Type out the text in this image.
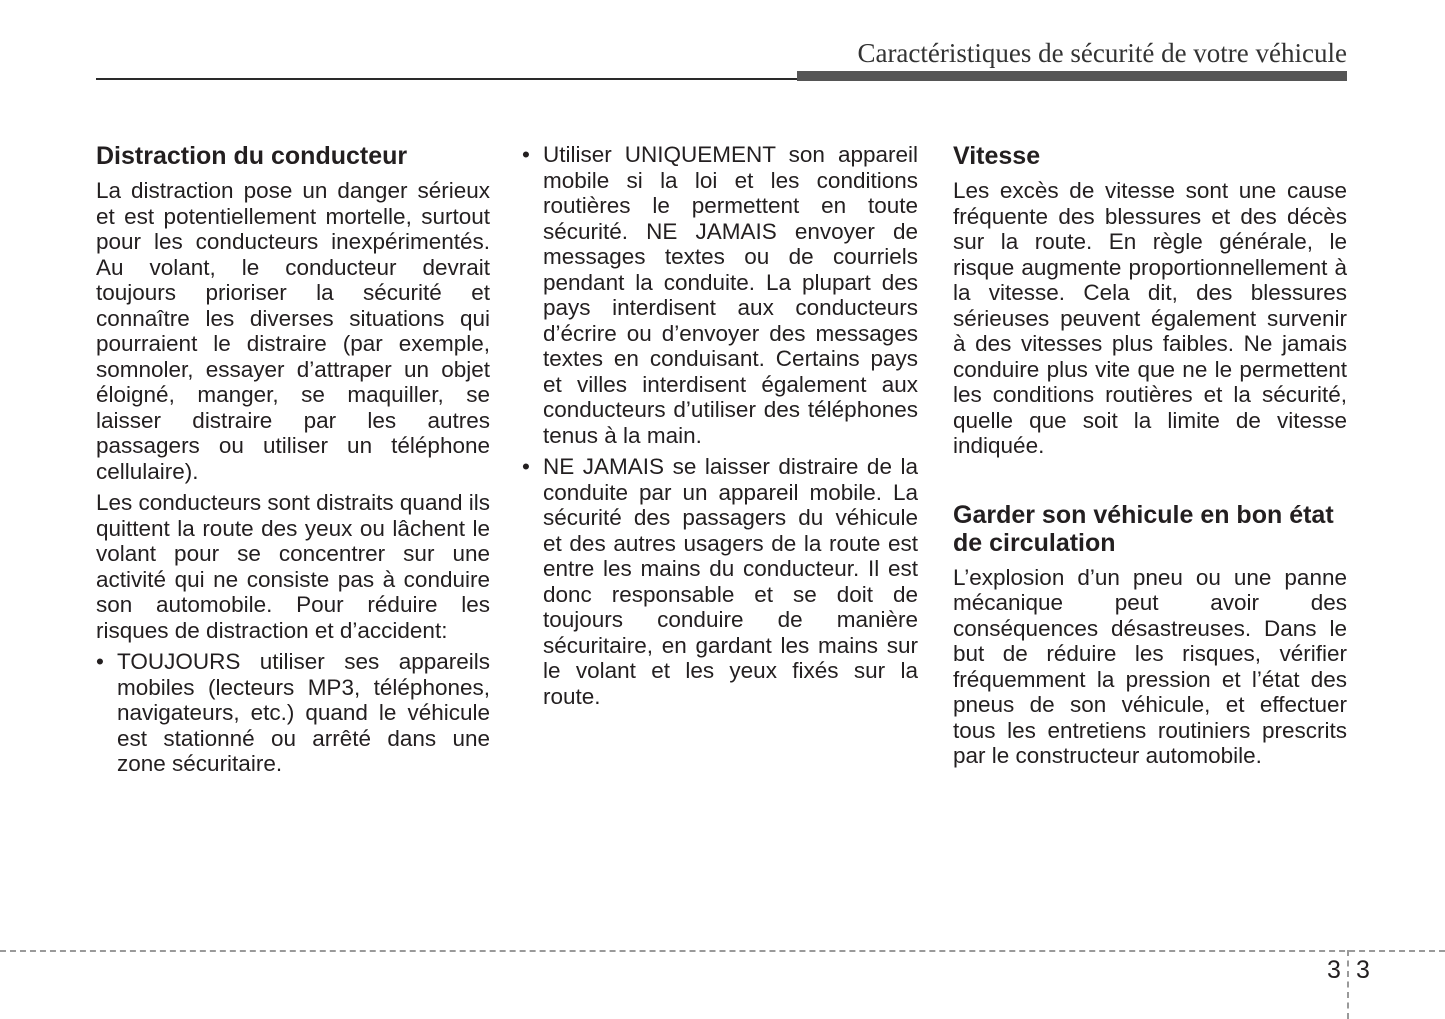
Caractéristiques de sécurité de votre véhicule
Distraction du conducteur

La distraction pose un danger sérieux et est potentiellement mortelle, surtout pour les conducteurs inexpérimentés. Au volant, le conducteur devrait toujours prioriser la sécurité et connaître les diverses situations qui pourraient le distraire (par exemple, somnoler, essayer d’attraper un objet éloigné, manger, se maquiller, se laisser distraire par les autres passagers ou utiliser un téléphone cellulaire).

Les conducteurs sont distraits quand ils quittent la route des yeux ou lâchent le volant pour se concentrer sur une activité qui ne consiste pas à conduire son automobile. Pour réduire les risques de distraction et d’accident:

• TOUJOURS utiliser ses appareils mobiles (lecteurs MP3, téléphones, navigateurs, etc.) quand le véhicule est stationné ou arrêté dans une zone sécuritaire.
• Utiliser UNIQUEMENT son appareil mobile si la loi et les conditions routières le permettent en toute sécurité. NE JAMAIS envoyer de messages textes ou de courriels pendant la conduite. La plupart des pays interdisent aux conducteurs d’écrire ou d’envoyer des messages textes en conduisant. Certains pays et villes interdisent également aux conducteurs d’utiliser des téléphones tenus à la main.
• NE JAMAIS se laisser distraire de la conduite par un appareil mobile. La sécurité des passagers du véhicule et des autres usagers de la route est entre les mains du conducteur. Il est donc responsable et se doit de toujours conduire de manière sécuritaire, en gardant les mains sur le volant et les yeux fixés sur la route.
Vitesse

Les excès de vitesse sont une cause fréquente des blessures et des décès sur la route. En règle générale, le risque augmente proportionnellement à la vitesse. Cela dit, des blessures sérieuses peuvent également survenir à des vitesses plus faibles. Ne jamais conduire plus vite que ne le permettent les conditions routières et la sécurité, quelle que soit la limite de vitesse indiquée.

Garder son véhicule en bon état de circulation

L’explosion d’un pneu ou une panne mécanique peut avoir des conséquences désastreuses. Dans le but de réduire les risques, vérifier fréquemment la pression et l’état des pneus de son véhicule, et effectuer tous les entretiens routiniers prescrits par le constructeur automobile.

3 3
